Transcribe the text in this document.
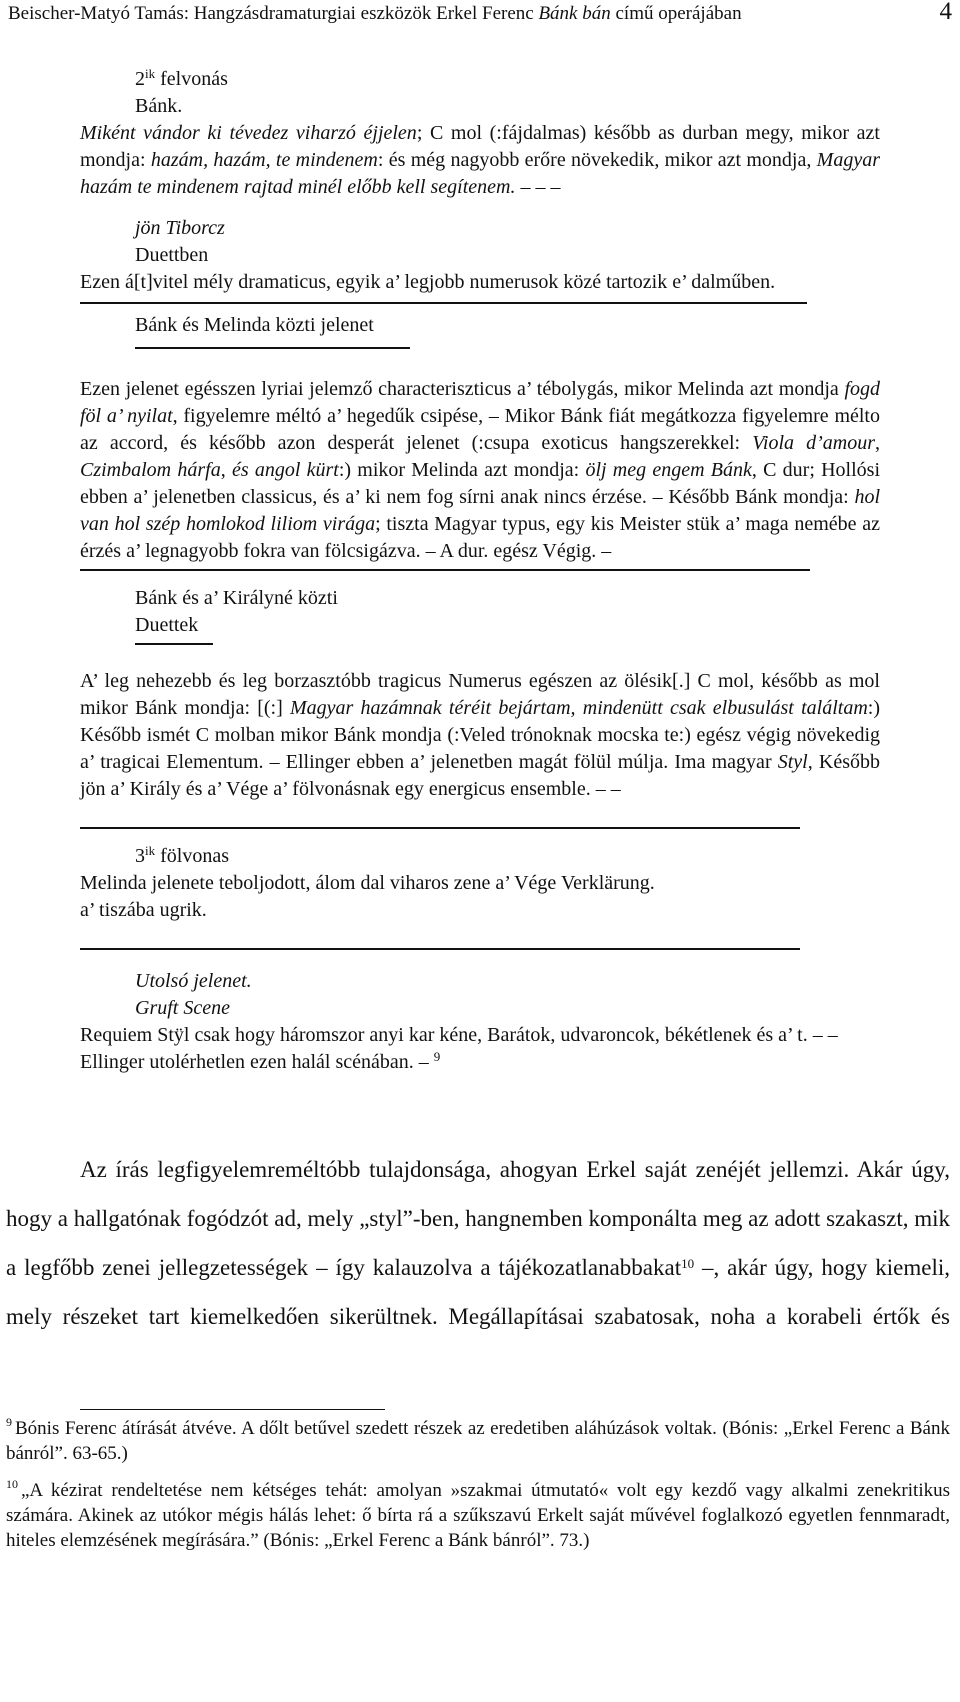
Beischer-Matyó Tamás: Hangzásdramaturgiai eszközök Erkel Ferenc Bánk bán című operájában	4

$2^{ik}$ felvonás

Bánk.

Miként vándor ki tévedez viharzó éjjelen; C mol (:fájdalmas) később as durban megy, mikor azt mondja: hazám, hazám, te mindenem: és még nagyobb erőre növekedik, mikor azt mondja, Magyar hazám te mindenem rajtad minél előbb kell segítenem. – – –

jön Tiborcz

Duettben

Ezen á[t]vitel mély dramaticus, egyik a’ legjobb numerusok közé tartozik e’ dalműben.

Bánk és Melinda közti jelenet

Ezen jelenet egésszen lyriai jelemző characteriszticus a’ tébolygás, mikor Melinda azt mondja fogd föl a’ nyilat, figyelemre méltó a’ hegedűk csipése, – Mikor Bánk fiát megátkozza figyelemre mélto az accord, és később azon desperát jelenet (:csupa exoticus hangszerekkel: Viola d’amour, Czimbalom hárfa, és angol kürt:) mikor Melinda azt mondja: ölj meg engem Bánk, C dur; Hollósi ebben a’ jelenetben classicus, és a’ ki nem fog sírni anak nincs érzése. – Később Bánk mondja: hol van hol szép homlokod liliom virága; tiszta Magyar typus, egy kis Meister stük a’ maga nemébe az érzés a’ legnagyobb fokra van fölcsigázva. – A dur. egész Végig. –

Bánk és a’ Királyné közti

Duettek

A’ leg nehezebb és leg borzasztóbb tragicus Numerus egészen az ölésik[.] C mol, később as mol mikor Bánk mondja: [(:] Magyar hazámnak téréit bejártam, mindenütt csak elbusulást találtam:) Később ismét C molban mikor Bánk mondja (:Veled trónoknak mocska te:) egész végig növekedig a’ tragicai Elementum. – Ellinger ebben a’ jelenetben magát fölül múlja. Ima magyar Styl, Később jön a’ Király és a’ Vége a’ fölvonásnak egy energicus ensemble. – –

$3^{ik}$ fölvonas

Melinda jelenete teboljodott, álom dal viharos zene a’ Vége Verklärung.

a’ tiszába ugrik.

Utolsó jelenet.

Gruft Scene

Requiem Stÿl csak hogy háromszor anyi kar kéne, Barátok, udvaroncok, békétlenek és a’ t. – –

Ellinger utolérhetlen ezen halál scénában. – $^9$

Az írás legfigyelemreméltóbb tulajdonsága, ahogyan Erkel saját zenéjét jellemzi. Akár úgy, hogy a hallgatónak fogódzót ad, mely „styl”-ben, hangnemben komponálta meg az adott szakaszt, mik a legfőbb zenei jellegzetességek – így kalauzolva a tájékozatlanabbakat$^{10}$ –, akár úgy, hogy kiemeli, mely részeket tart kiemelkedően sikerültnek. Megállapításai szabatosak, noha a korabeli értők és

$^9$ Bónis Ferenc átírását átvéve. A dőlt betűvel szedett részek az eredetiben aláhúzások voltak. (Bónis: „Erkel Ferenc a Bánk bánról”. 63-65.)

$^{10}$ „A kézirat rendeltetése nem kétséges tehát: amolyan »szakmai útmutató« volt egy kezdő vagy alkalmi zenekritikus számára. Akinek az utókor mégis hálás lehet: ő bírta rá a szűkszavú Erkelt saját művével foglalkozó egyetlen fennmaradt, hiteles elemzésének megírására.” (Bónis: „Erkel Ferenc a Bánk bánról”. 73.)
